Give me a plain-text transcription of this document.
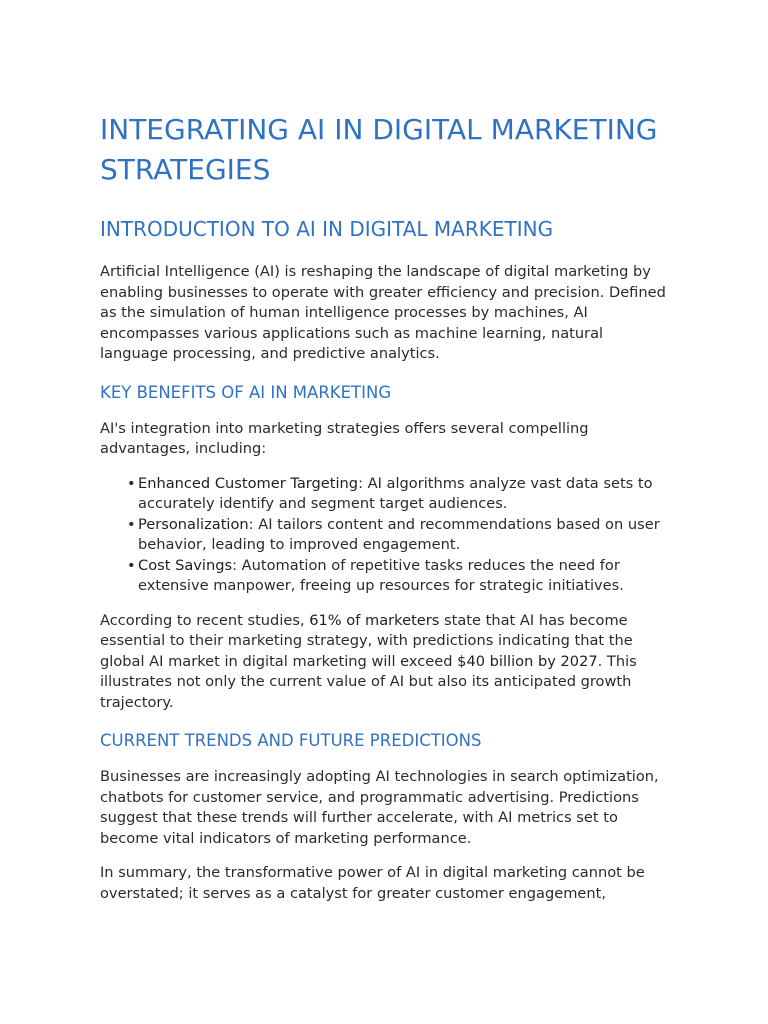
INTEGRATING AI IN DIGITAL MARKETING STRATEGIES
INTRODUCTION TO AI IN DIGITAL MARKETING

Artificial Intelligence (AI) is reshaping the landscape of digital marketing by enabling businesses to operate with greater efficiency and precision. Defined as the simulation of human intelligence processes by machines, AI encompasses various applications such as machine learning, natural language processing, and predictive analytics.

KEY BENEFITS OF AI IN MARKETING

AI's integration into marketing strategies offers several compelling advantages, including:

• Enhanced Customer Targeting: AI algorithms analyze vast data sets to accurately identify and segment target audiences.
• Personalization: AI tailors content and recommendations based on user behavior, leading to improved engagement.
• Cost Savings: Automation of repetitive tasks reduces the need for extensive manpower, freeing up resources for strategic initiatives.

According to recent studies, 61% of marketers state that AI has become essential to their marketing strategy, with predictions indicating that the global AI market in digital marketing will exceed $40 billion by 2027. This illustrates not only the current value of AI but also its anticipated growth trajectory.

CURRENT TRENDS AND FUTURE PREDICTIONS

Businesses are increasingly adopting AI technologies in search optimization, chatbots for customer service, and programmatic advertising. Predictions suggest that these trends will further accelerate, with AI metrics set to become vital indicators of marketing performance.

In summary, the transformative power of AI in digital marketing cannot be overstated; it serves as a catalyst for greater customer engagement,
